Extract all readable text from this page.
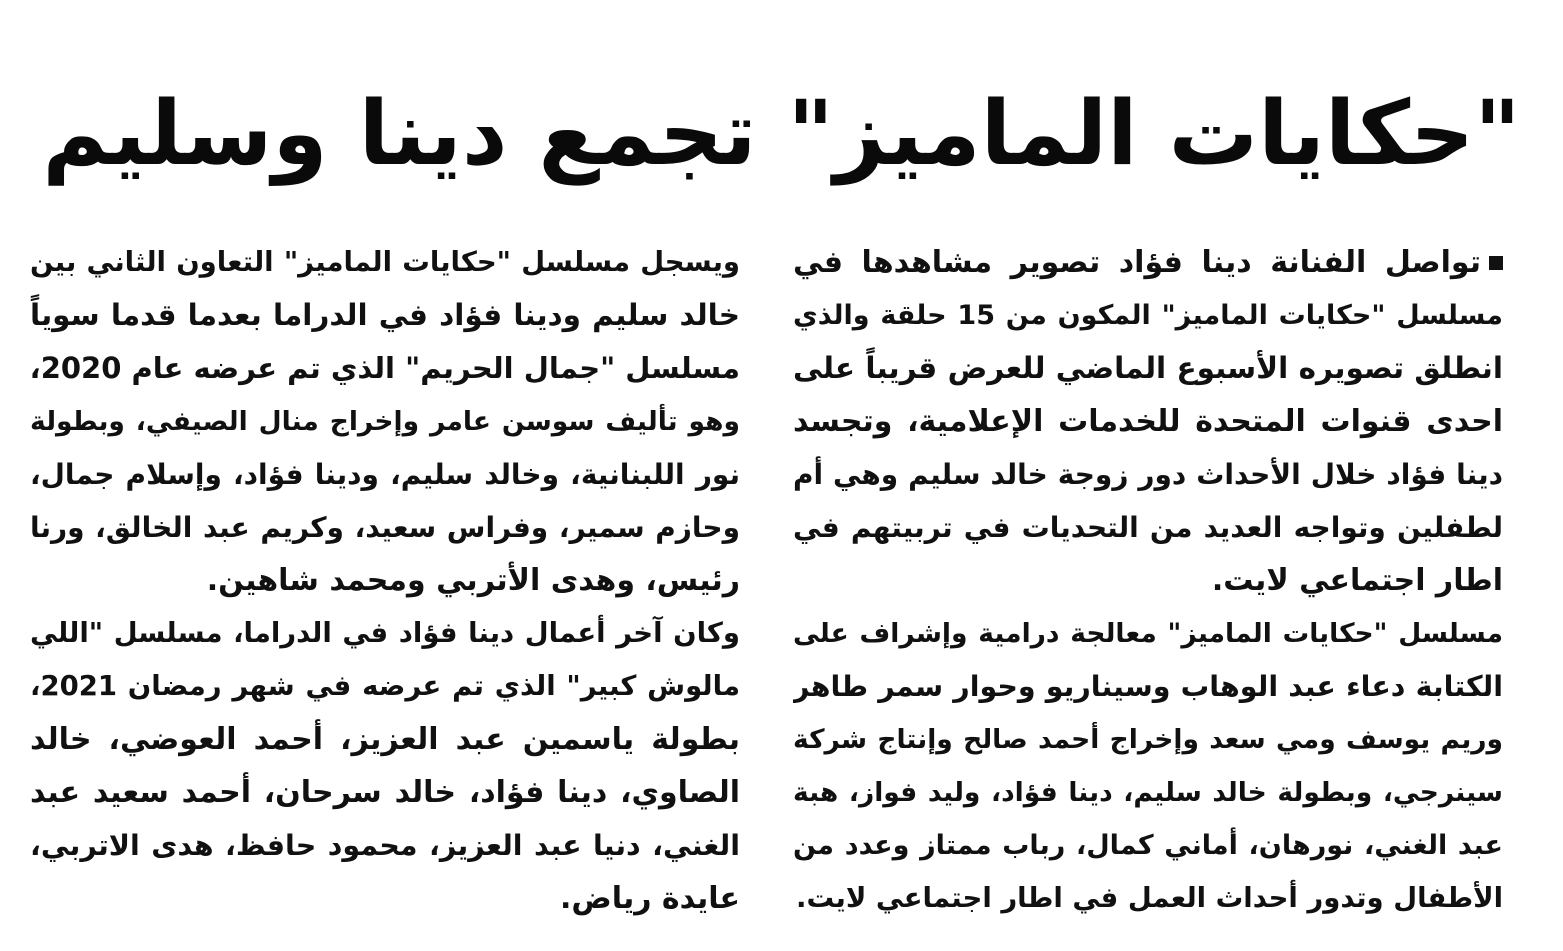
"حكايات الماميز" تجمع دينا وسليم
تواصل الفنانة دينا فؤاد تصوير مشاهدها في
مسلسل "حكايات الماميز" المكون من 15 حلقة والذي
انطلق تصويره الأسبوع الماضي للعرض قريباً على
احدى قنوات المتحدة للخدمات الإعلامية، وتجسد
دينا فؤاد خلال الأحداث دور زوجة خالد سليم وهي أم
لطفلين وتواجه العديد من التحديات في تربيتهم في
اطار اجتماعي لايت.
مسلسل "حكايات الماميز" معالجة درامية وإشراف على
الكتابة دعاء عبد الوهاب وسيناريو وحوار سمر طاهر
وريم يوسف ومي سعد وإخراج أحمد صالح وإنتاج شركة
سينرجي، وبطولة خالد سليم، دينا فؤاد، وليد فواز، هبة
عبد الغني، نورهان، أماني كمال، رباب ممتاز وعدد من
الأطفال وتدور أحداث العمل في اطار اجتماعي لايت.
ويسجل مسلسل "حكايات الماميز" التعاون الثاني بين
خالد سليم ودينا فؤاد في الدراما بعدما قدما سوياً
مسلسل "جمال الحريم" الذي تم عرضه عام 2020،
وهو تأليف سوسن عامر وإخراج منال الصيفي، وبطولة
نور اللبنانية، وخالد سليم، ودينا فؤاد، وإسلام جمال،
وحازم سمير، وفراس سعيد، وكريم عبد الخالق، ورنا
رئيس، وهدى الأتربي ومحمد شاهين.
وكان آخر أعمال دينا فؤاد في الدراما، مسلسل "اللي
مالوش كبير" الذي تم عرضه في شهر رمضان 2021،
بطولة ياسمين عبد العزيز، أحمد العوضي، خالد
الصاوي، دينا فؤاد، خالد سرحان، أحمد سعيد عبد
الغني، دنيا عبد العزيز، محمود حافظ، هدى الاتربي،
عايدة رياض.
